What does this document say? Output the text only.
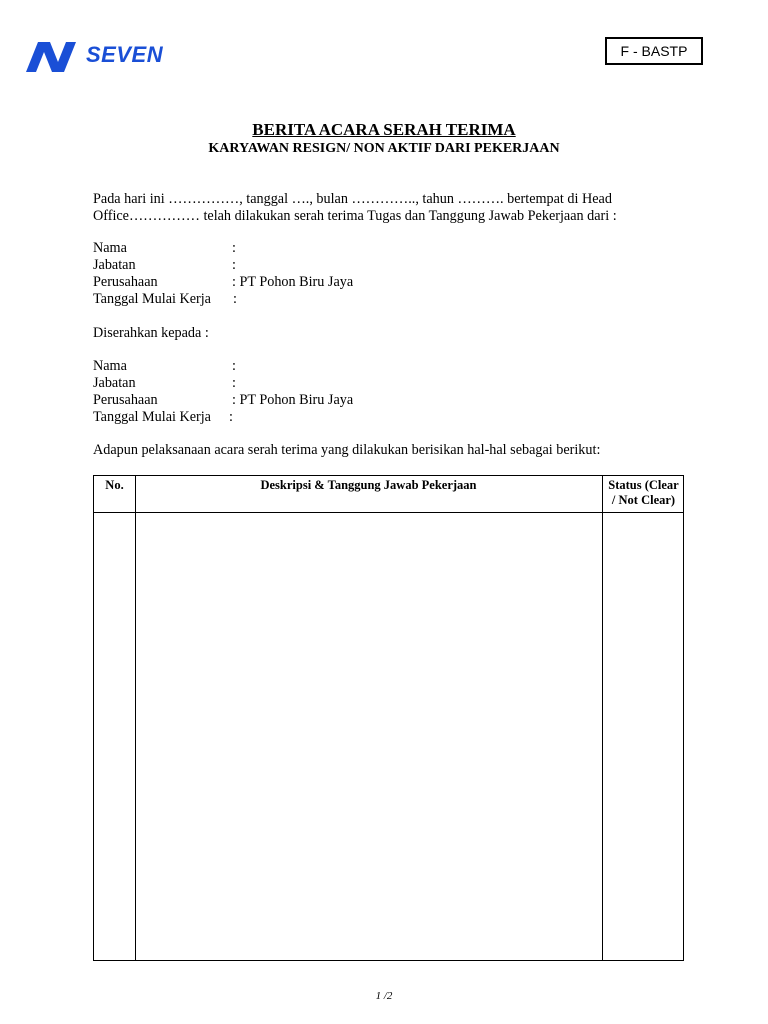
SEVEN	F - BASTP
BERITA ACARA SERAH TERIMA
KARYAWAN RESIGN/ NON AKTIF DARI PEKERJAAN
Pada hari ini ……………, tanggal …., bulan ………….., tahun ………. bertempat di Head
Office…………… telah dilakukan serah terima Tugas dan Tanggung Jawab Pekerjaan dari :
Nama	:
Jabatan	:
Perusahaan	: PT Pohon Biru Jaya
Tanggal Mulai Kerja :
Diserahkan kepada :
Nama	:
Jabatan	:
Perusahaan	: PT Pohon Biru Jaya
Tanggal Mulai Kerja :
Adapun pelaksanaan acara serah terima yang dilakukan berisikan hal-hal sebagai berikut:
No.	Deskripsi & Tanggung Jawab Pekerjaan	Status (Clear
/ Not Clear)
1 /2
